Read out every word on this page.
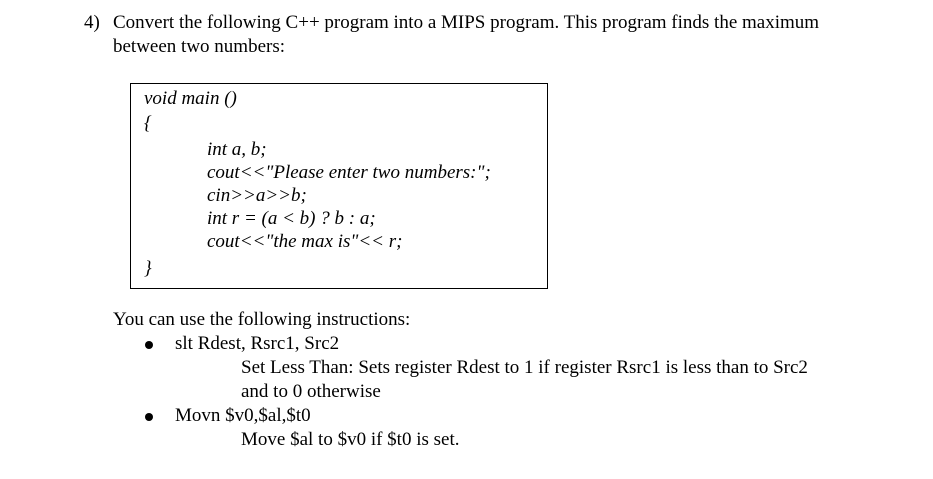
4) Convert the following C++ program into a MIPS program. This program finds the maximum
between two numbers:
void main ()
{
int a, b;
cout<<"Please enter two numbers:";
cin>>a>>b;
int r = (a < b) ? b : a;
cout<<"the max is"<< r;
}
You can use the following instructions:
slt Rdest, Rsrc1, Src2
Set Less Than: Sets register Rdest to 1 if register Rsrc1 is less than to Src2
and to 0 otherwise
Movn $v0,$al,$t0
Move $al to $v0 if $t0 is set.
